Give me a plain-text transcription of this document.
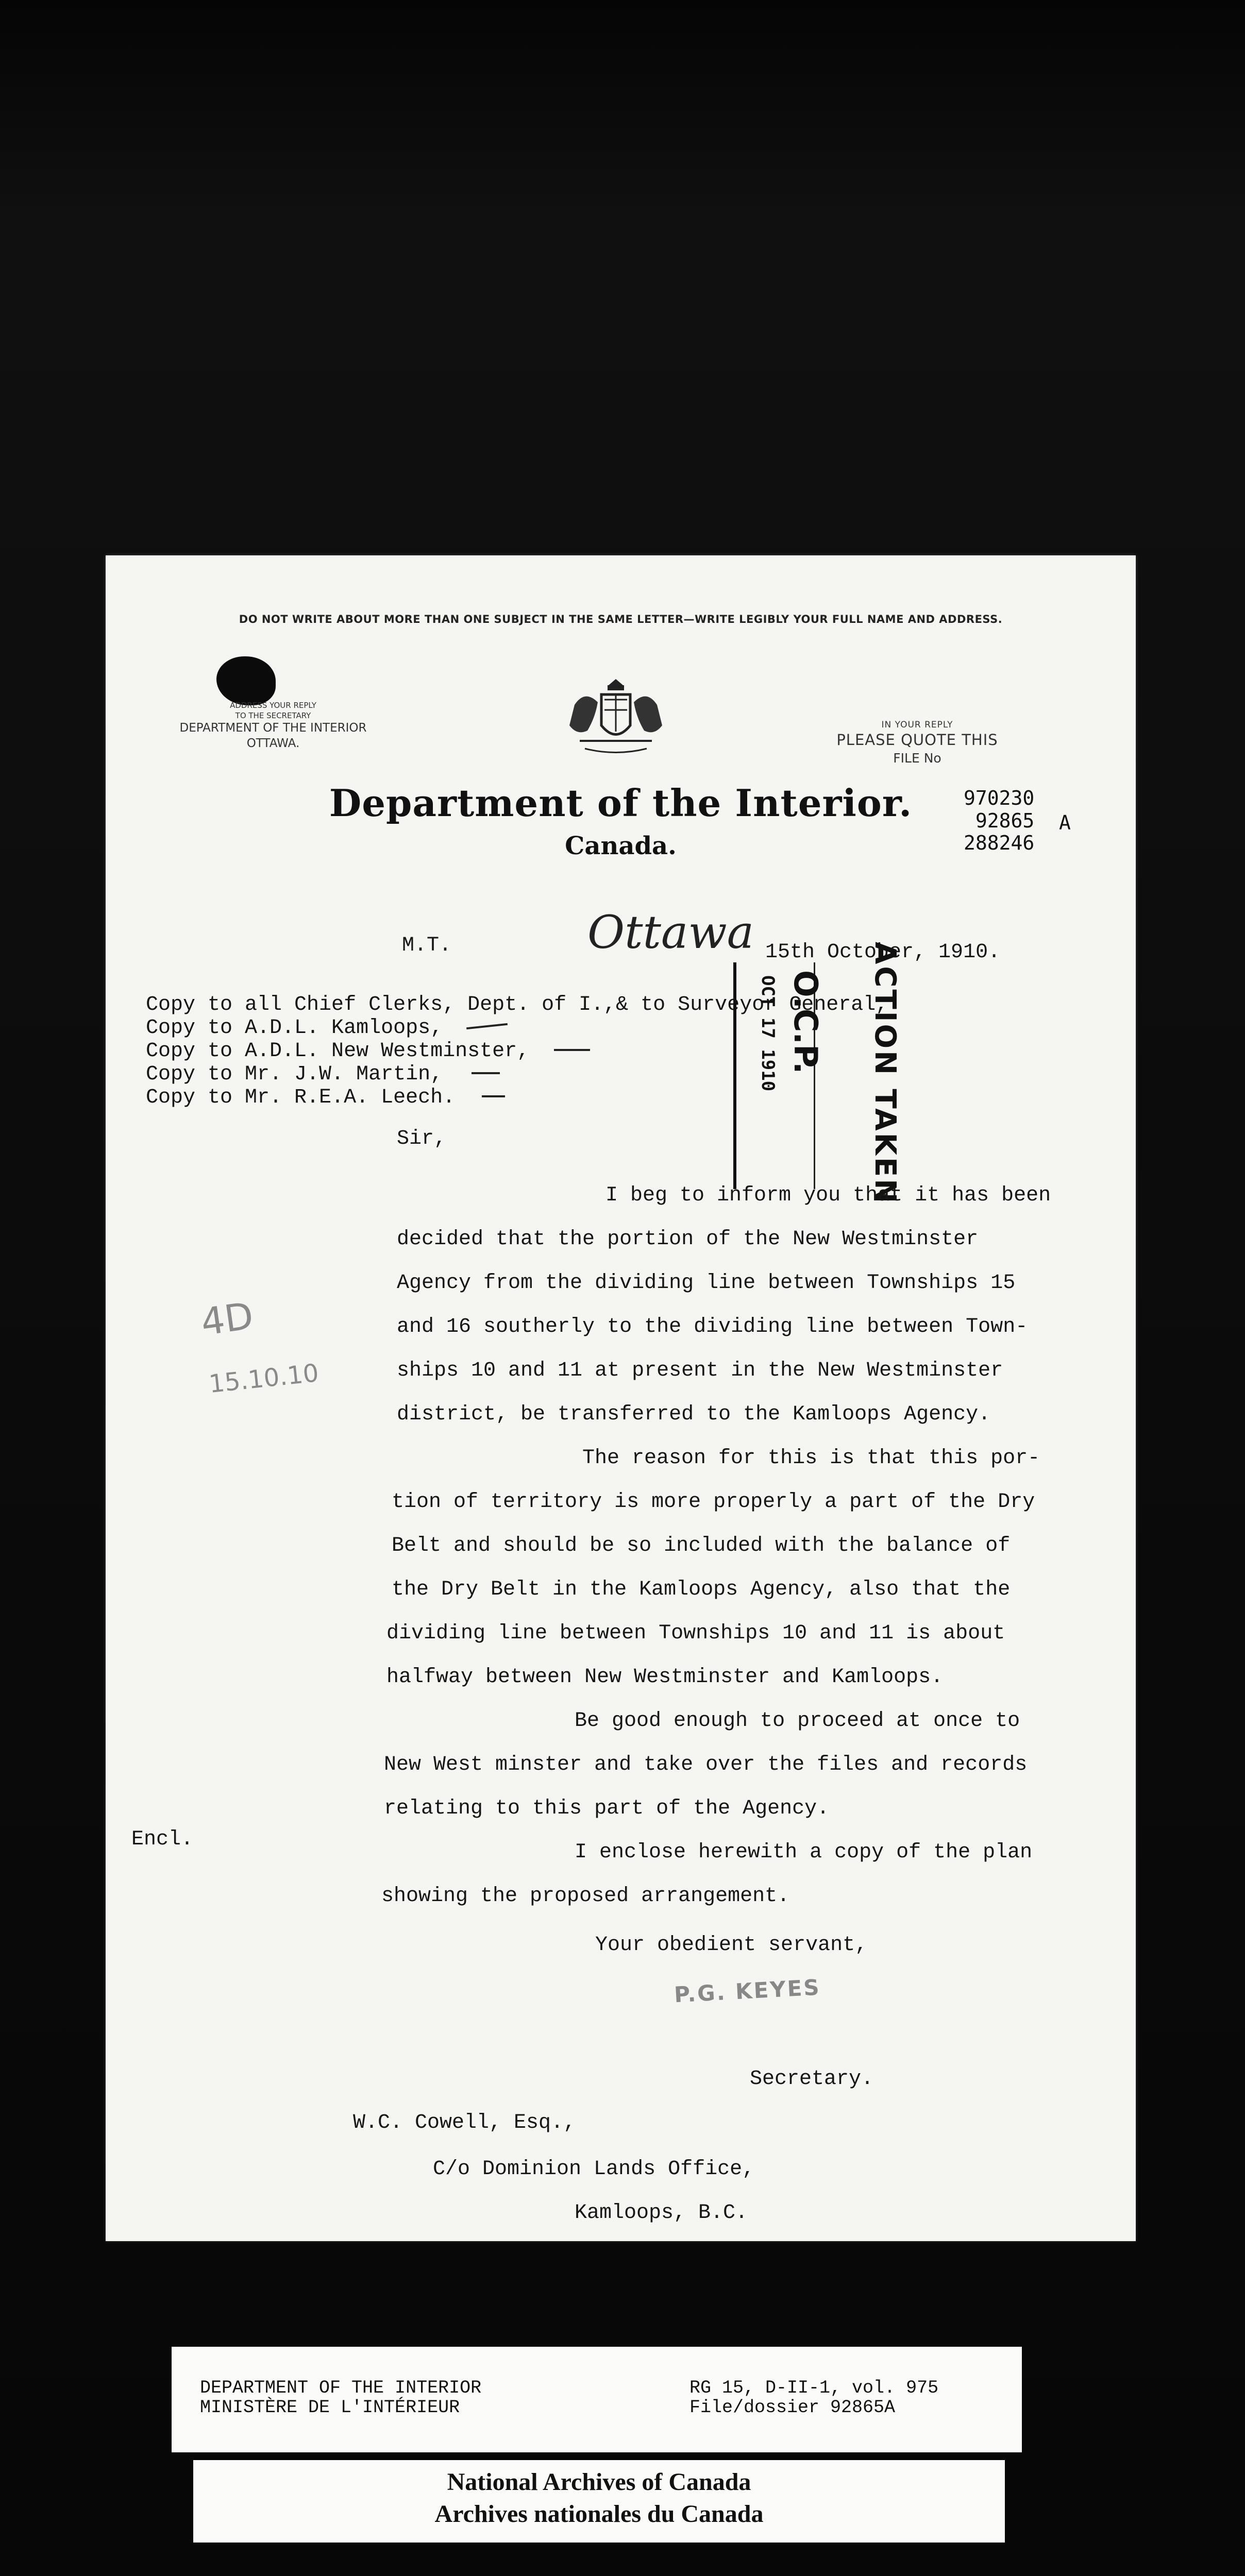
DO NOT WRITE ABOUT MORE THAN ONE SUBJECT IN THE SAME LETTER—WRITE LEGIBLY YOUR FULL NAME AND ADDRESS.
ADDRESS YOUR REPLY
TO THE SECRETARY
DEPARTMENT OF THE INTERIOR
OTTAWA.
Department of the Interior.
Canada.
IN YOUR REPLY
PLEASE QUOTE THIS
FILE No
970230
92865
288246
A
M.T.	Ottawa 15th October, 1910.
Copy to all Chief Clerks, Dept. of I.,& to Surveyor General,
Copy to A.D.L. Kamloops,
Copy to A.D.L. New Westminster,
Copy to Mr. J.W. Martin,
Copy to Mr. R.E.A. Leech.
OCT 17 1910 O.C.P. ACTION TAKEN
Sir,
I beg to inform you that it has been
decided that the portion of the New Westminster
Agency from the dividing line between Townships 15
and 16 southerly to the dividing line between Town-
ships 10 and 11 at present in the New Westminster
district, be transferred to the Kamloops Agency.
The reason for this is that this por-
tion of territory is more properly a part of the Dry
Belt and should be so included with the balance of
the Dry Belt in the Kamloops Agency, also that the
dividing line between Townships 10 and 11 is about
halfway between New Westminster and Kamloops.
Be good enough to proceed at once to
New West minster and take over the files and records
relating to this part of the Agency.
I enclose herewith a copy of the plan
showing the proposed arrangement.
Encl.
Your obedient servant,
P.G. KEYES
Secretary.
W.C. Cowell, Esq.,
C/o Dominion Lands Office,
Kamloops, B.C.
4D
15.10.10
DEPARTMENT OF THE INTERIOR
MINISTÈRE DE L'INTÉRIEUR
RG 15, D-II-1, vol. 975
File/dossier 92865A
National Archives of Canada
Archives nationales du Canada
